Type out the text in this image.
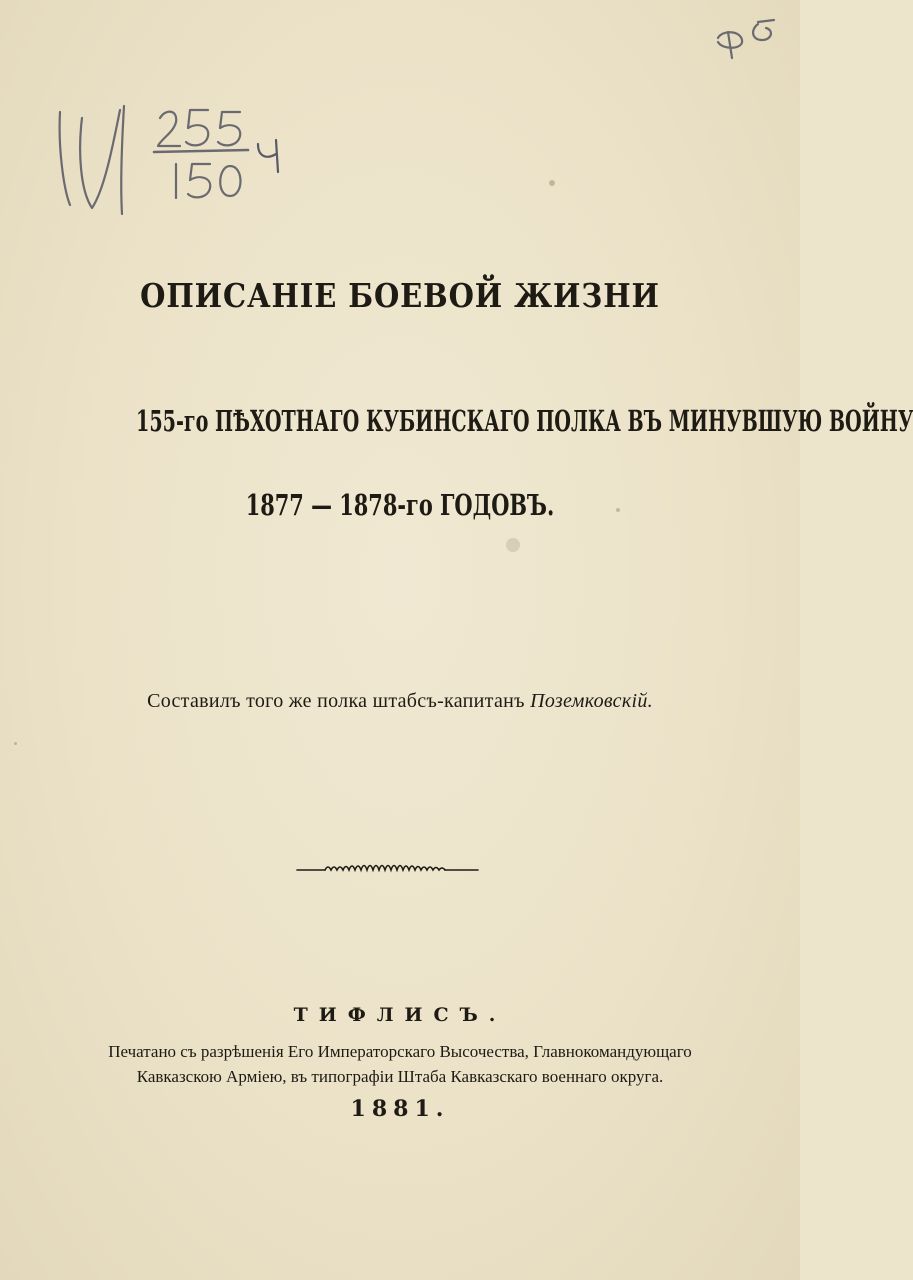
ОПИСАНІЕ БОЕВОЙ ЖИЗНИ
155-го ПѢХОТНАГО КУБИНСКАГО ПОЛКА ВЪ МИНУВШУЮ ВОЙНУ
1877 — 1878-го ГОДОВЪ.
Составилъ того же полка штабсъ-капитанъ Поземковскій.
ТИФЛИСЪ.
Печатано съ разрѣшенія Его Императорскаго Высочества, Главнокомандующаго
Кавказскою Арміею, въ типографіи Штаба Кавказскаго военнаго округа.
1881.
